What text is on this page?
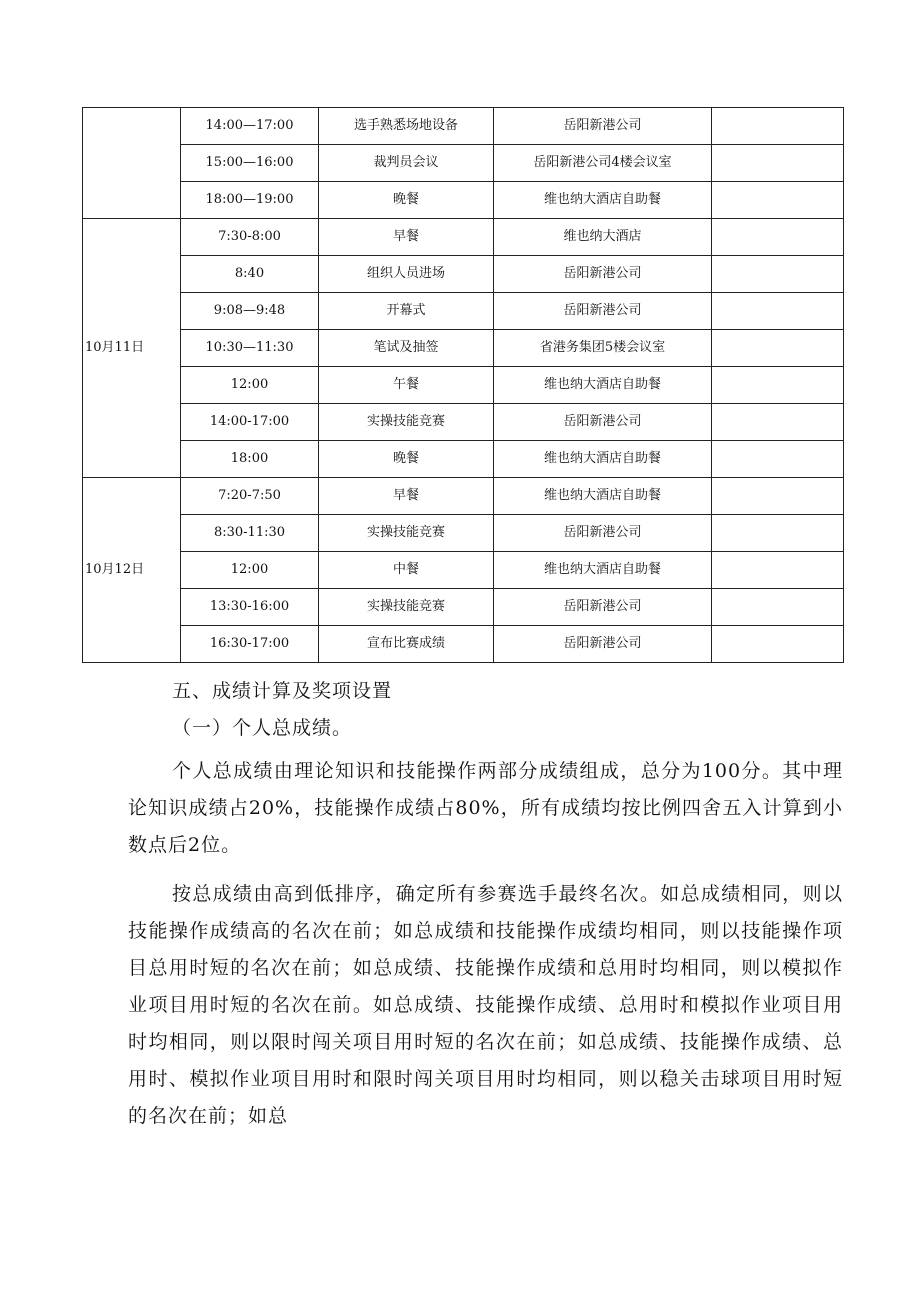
	14:00—17:00	选手熟悉场地设备	岳阳新港公司	
	15:00—16:00	裁判员会议	岳阳新港公司4楼会议室	
	18:00—19:00	晚餐	维也纳大酒店自助餐	
10月11日	7:30-8:00	早餐	维也纳大酒店	
	8:40	组织人员进场	岳阳新港公司	
	9:08—9:48	开幕式	岳阳新港公司	
	10:30—11:30	笔试及抽签	省港务集团5楼会议室	
	12:00	午餐	维也纳大酒店自助餐	
	14:00-17:00	实操技能竞赛	岳阳新港公司	
	18:00	晚餐	维也纳大酒店自助餐	
10月12日	7:20-7:50	早餐	维也纳大酒店自助餐	
	8:30-11:30	实操技能竞赛	岳阳新港公司	
	12:00	中餐	维也纳大酒店自助餐	
	13:30-16:00	实操技能竞赛	岳阳新港公司	
	16:30-17:00	宣布比赛成绩	岳阳新港公司	
五、成绩计算及奖项设置
（一）个人总成绩。
个人总成绩由理论知识和技能操作两部分成绩组成，总分为100分。其中理论知识成绩占20%，技能操作成绩占80%，所有成绩均按比例四舍五入计算到小数点后2位。
按总成绩由高到低排序，确定所有参赛选手最终名次。如总成绩相同，则以技能操作成绩高的名次在前；如总成绩和技能操作成绩均相同，则以技能操作项目总用时短的名次在前；如总成绩、技能操作成绩和总用时均相同，则以模拟作业项目用时短的名次在前。如总成绩、技能操作成绩、总用时和模拟作业项目用时均相同，则以限时闯关项目用时短的名次在前；如总成绩、技能操作成绩、总用时、模拟作业项目用时和限时闯关项目用时均相同，则以稳关击球项目用时短的名次在前；如总
